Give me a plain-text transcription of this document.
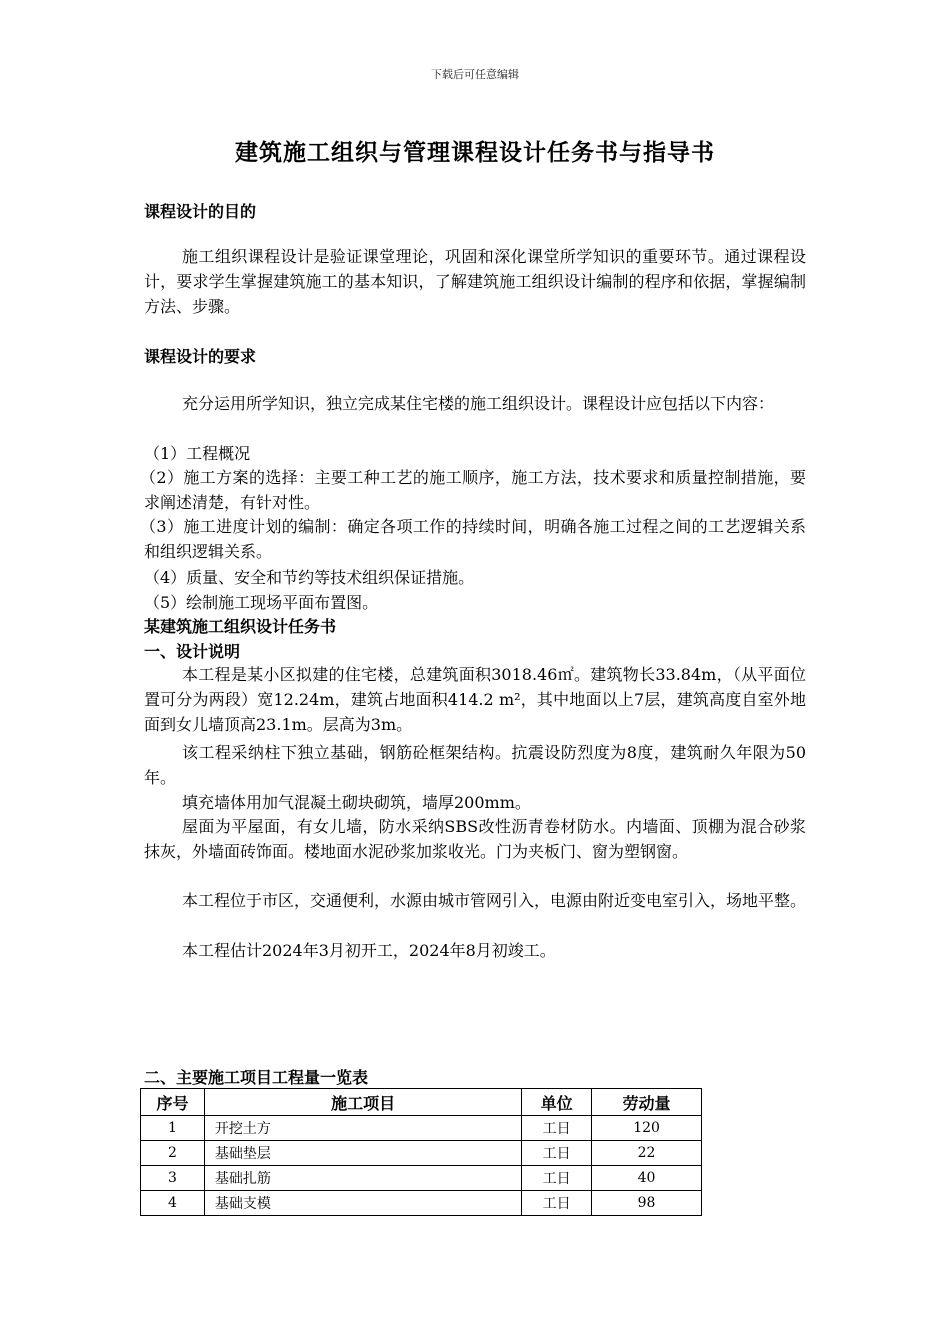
下载后可任意编辑
建筑施工组织与管理课程设计任务书与指导书
课程设计的目的
施工组织课程设计是验证课堂理论，巩固和深化课堂所学知识的重要环节。通过课程设计，要求学生掌握建筑施工的基本知识，了解建筑施工组织设计编制的程序和依据，掌握编制方法、步骤。
课程设计的要求
充分运用所学知识，独立完成某住宅楼的施工组织设计。课程设计应包括以下内容：
（1）工程概况
（2）施工方案的选择：主要工种工艺的施工顺序，施工方法，技术要求和质量控制措施，要求阐述清楚，有针对性。
（3）施工进度计划的编制：确定各项工作的持续时间，明确各施工过程之间的工艺逻辑关系和组织逻辑关系。
（4）质量、安全和节约等技术组织保证措施。
（5）绘制施工现场平面布置图。
某建筑施工组织设计任务书
一、设计说明
本工程是某小区拟建的住宅楼，总建筑面积3018.46㎡。建筑物长33.84m，（从平面位置可分为两段）宽12.24m，建筑占地面积414.2 m²，其中地面以上7层，建筑高度自室外地面到女儿墙顶高23.1m。层高为3m。
该工程采纳柱下独立基础，钢筋砼框架结构。抗震设防烈度为8度，建筑耐久年限为50年。
填充墙体用加气混凝土砌块砌筑，墙厚200mm。
屋面为平屋面，有女儿墙，防水采纳SBS改性沥青卷材防水。内墙面、顶棚为混合砂浆抹灰，外墙面砖饰面。楼地面水泥砂浆加浆收光。门为夹板门、窗为塑钢窗。
本工程位于市区，交通便利，水源由城市管网引入，电源由附近变电室引入，场地平整。
本工程估计2024年3月初开工，2024年8月初竣工。
二、主要施工项目工程量一览表
序号	施工项目	单位	劳动量
1	开挖土方	工日	120
2	基础垫层	工日	22
3	基础扎筋	工日	40
4	基础支模	工日	98
